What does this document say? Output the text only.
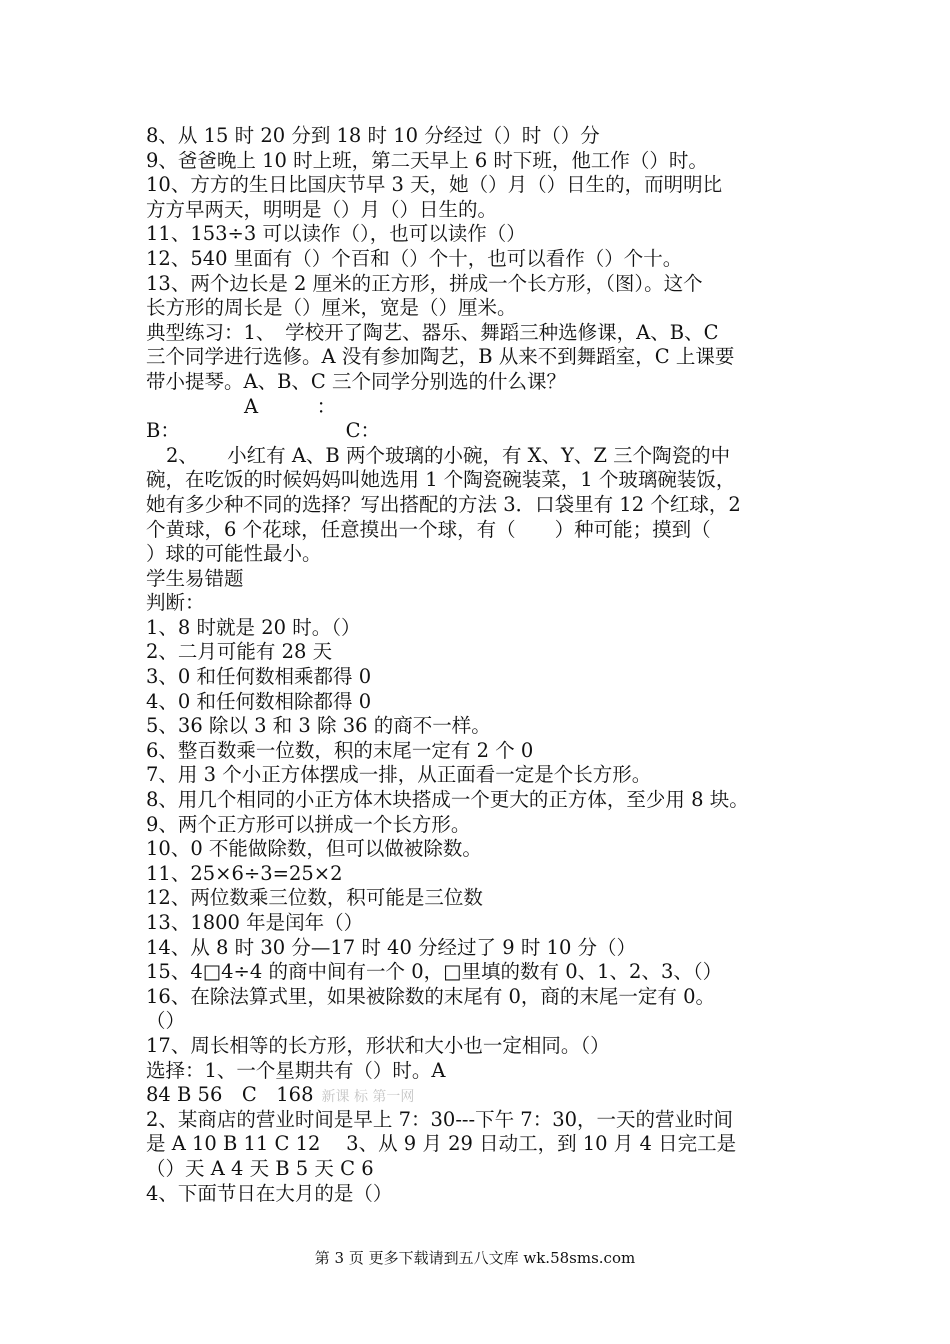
8、从 15 时 20 分到 18 时 10 分经过（）时（）分
9、爸爸晚上 10 时上班，第二天早上 6 时下班，他工作（）时。
10、方方的生日比国庆节早 3 天，她（）月（）日生的，而明明比
方方早两天，明明是（）月（）日生的。
11、153÷3 可以读作（），也可以读作（）
12、540 里面有（）个百和（）个十，也可以看作（）个十。
13、两个边长是 2 厘米的正方形，拼成一个长方形，（图）。这个
长方形的周长是（）厘米，宽是（）厘米。
典型练习：1、　学校开了陶艺、器乐、舞蹈三种选修课，A、B、C
三个同学进行选修。A 没有参加陶艺，B 从来不到舞蹈室，C 上课要
带小提琴。A、B、C 三个同学分别选的什么课？
A　　　：
B：　　　　　　　　　C：
2、　　小红有 A、B 两个玻璃的小碗，有 X、Y、Z 三个陶瓷的中
碗，在吃饭的时候妈妈叫她选用 1 个陶瓷碗装菜，1 个玻璃碗装饭，
她有多少种不同的选择？写出搭配的方法 3．口袋里有 12 个红球，2
个黄球，6 个花球，任意摸出一个球，有（　　）种可能；摸到（
）球的可能性最小。
学生易错题
判断：
1、8 时就是 20 时。（）
2、二月可能有 28 天
3、0 和任何数相乘都得 0
4、0 和任何数相除都得 0
5、36 除以 3 和 3 除 36 的商不一样。
6、整百数乘一位数，积的末尾一定有 2 个 0
7、用 3 个小正方体摆成一排，从正面看一定是个长方形。
8、用几个相同的小正方体木块搭成一个更大的正方体，至少用 8 块。
9、两个正方形可以拼成一个长方形。
10、0 不能做除数，但可以做被除数。
11、25×6÷3=25×2
12、两位数乘三位数，积可能是三位数
13、1800 年是闰年（）
14、从 8 时 30 分—17 时 40 分经过了 9 时 10 分（）
15、4□4÷4 的商中间有一个 0，□里填的数有 0、1、2、3、（）
16、在除法算式里，如果被除数的末尾有 0，商的末尾一定有 0。
（）
17、周长相等的长方形，形状和大小也一定相同。（）
选择：1、一个星期共有（）时。A
84 B 56　C　168 新课 标 第一网
2、某商店的营业时间是早上 7：30---下午 7：30，一天的营业时间
是 A 10 B 11 C 12　 3、从 9 月 29 日动工，到 10 月 4 日完工是
（）天 A 4 天 B 5 天 C 6
4、下面节日在大月的是（）
第 3 页 更多下载请到五八文库 wk.58sms.com
